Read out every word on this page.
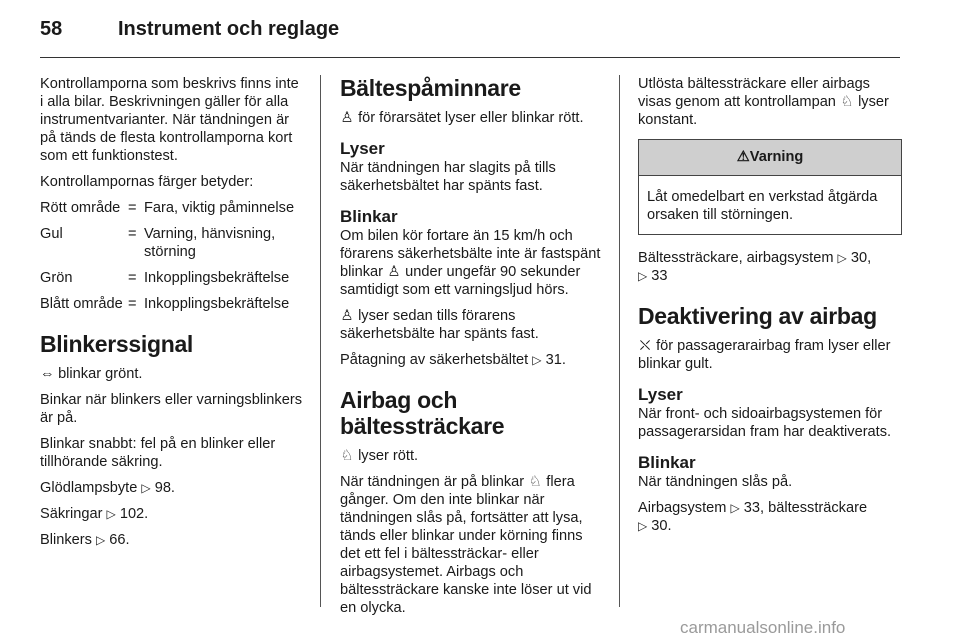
58	Instrument och reglage

Kontrollamporna som beskrivs finns inte i alla bilar. Beskrivningen gäller för alla instrumentvarianter. När tändningen är på tänds de flesta kontrollamporna kort som ett funktionstest.

Kontrollampornas färger betyder:

Rött område = Fara, viktig påminnelse
Gul	= Varning, hänvisning, störning
Grön	= Inkopplingsbekräftelse
Blått område = Inkopplingsbekräftelse
Blinkerssignal

⇔ blinkar grönt.

Binkar när blinkers eller varningsblinkers är på.

Blinkar snabbt: fel på en blinker eller tillhörande säkring.

Glödlampsbyte ▷ 98.

Säkringar ▷ 102.

Blinkers ▷ 66.

Bältespåminnare

♙ för förarsätet lyser eller blinkar rött.

Lyser

När tändningen har slagits på tills säkerhetsbältet har spänts fast.

Blinkar

Om bilen kör fortare än 15 km/h och förarens säkerhetsbälte inte är fastspänt blinkar ♙ under ungefär 90 sekunder samtidigt som ett varningsljud hörs.

♙ lyser sedan tills förarens säkerhetsbälte har spänts fast.

Påtagning av säkerhetsbältet ▷ 31.

Airbag och bältessträckare

♘ lyser rött.

När tändningen är på blinkar ♘ flera gånger. Om den inte blinkar när tändningen slås på, fortsätter att lysa, tänds eller blinkar under körning finns det ett fel i bältessträckar- eller airbagsystemet. Airbags och bältessträckare kanske inte löser ut vid en olycka.

Utlösta bältessträckare eller airbags visas genom att kontrollampan ♘ lyser konstant.

⚠Varning
Låt omedelbart en verkstad åtgärda orsaken till störningen.

Bältessträckare, airbagsystem ▷ 30,
▷ 33

Deaktivering av airbag

⛌ för passagerarairbag fram lyser eller blinkar gult.

Lyser

När front- och sidoairbagsystemen för passagerarsidan fram har deaktiverats.

Blinkar

När tändningen slås på.

Airbagsystem ▷ 33, bältessträckare
▷ 30.

carmanualsonline.info
